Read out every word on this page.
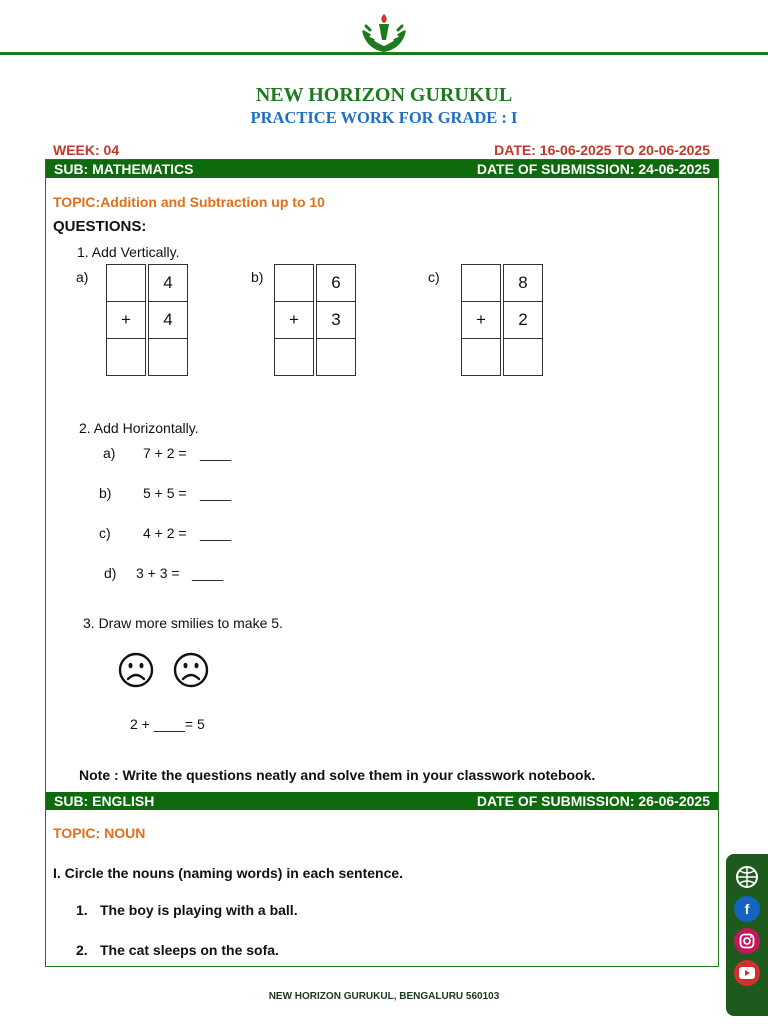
NEW HORIZON GURUKUL
PRACTICE WORK FOR GRADE : I
WEEK: 04	DATE: 16-06-2025 TO 20-06-2025
SUB: MATHEMATICS	DATE OF SUBMISSION: 24-06-2025
TOPIC:Addition and Subtraction up to 10
QUESTIONS:
1. Add Vertically.
a)
		4
+	4

b)
		6
+	3

c)
		8
+	2

2. Add Horizontally.
a) 7 + 2 = ____
b) 5 + 5 = ____
c) 4 + 2 = ____
d) 3 + 3 = ____
3. Draw more smilies to make 5.
2 + ____= 5
Note : Write the questions neatly and solve them in your classwork notebook.
SUB: ENGLISH	DATE OF SUBMISSION: 26-06-2025
TOPIC: NOUN
I. Circle the nouns (naming words) in each sentence.
1. The boy is playing with a ball.
2. The cat sleeps on the sofa.
NEW HORIZON GURUKUL, BENGALURU 560103
f
